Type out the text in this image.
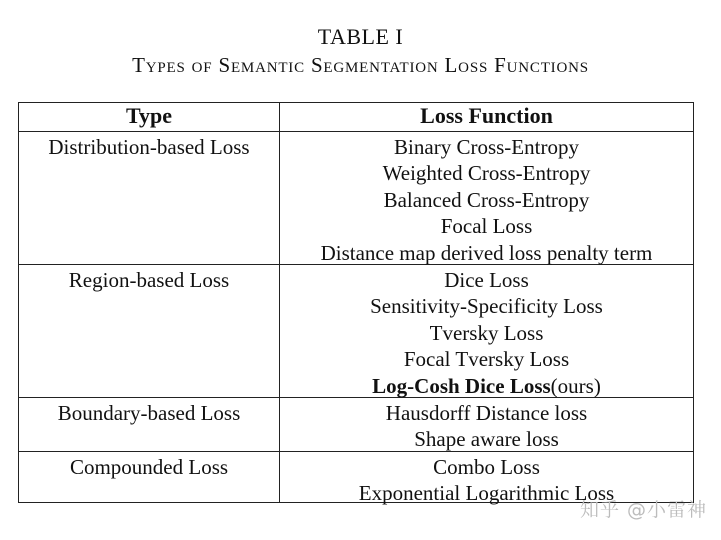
TABLE I
Types of Semantic Segmentation Loss Functions
Type	Loss Function
Distribution-based Loss	Binary Cross-Entropy
Weighted Cross-Entropy
Balanced Cross-Entropy
Focal Loss
Distance map derived loss penalty term
Region-based Loss	Dice Loss
Sensitivity-Specificity Loss
Tversky Loss
Focal Tversky Loss
Log-Cosh Dice Loss(ours)
Boundary-based Loss	Hausdorff Distance loss
Shape aware loss
Compounded Loss	Combo Loss
Exponential Logarithmic Loss
知乎 @小雷神
